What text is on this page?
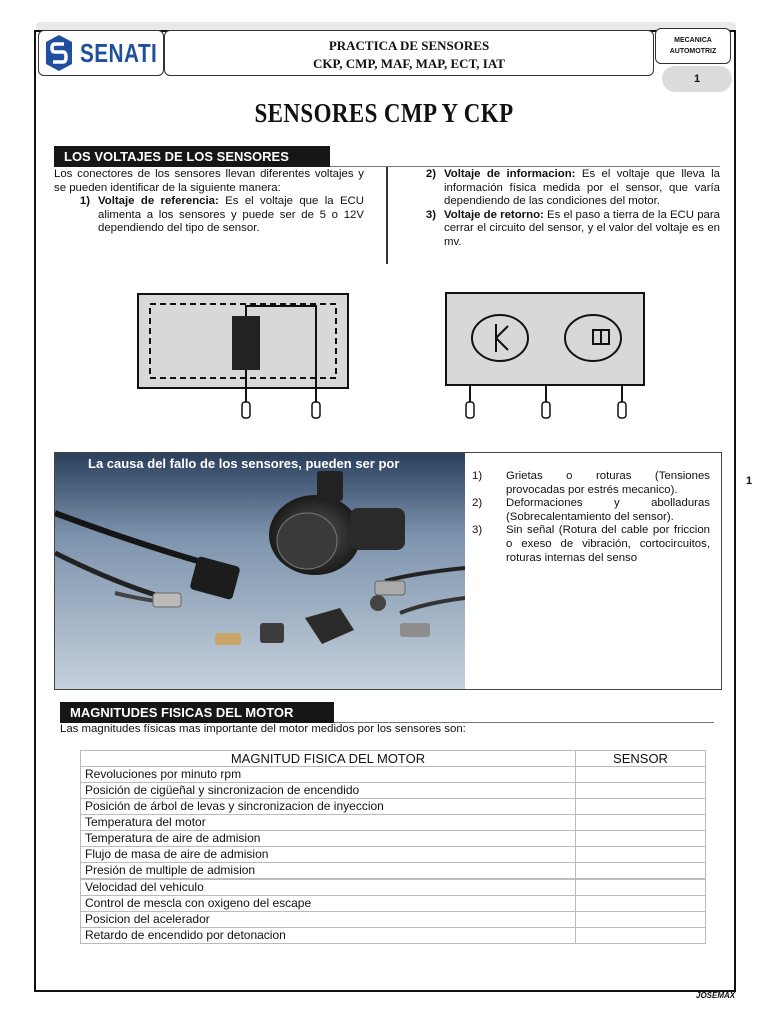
SENATI	PRACTICA DE SENSORES
CKP, CMP, MAF, MAP, ECT, IAT
MECANICA
AUTOMOTRIZ
1
SENSORES CMP Y CKP
LOS VOLTAJES DE LOS SENSORES
Los conectores de los sensores llevan diferentes voltajes y se pueden identificar de la siguiente manera:
1) Voltaje de referencia: Es el voltaje que la ECU alimenta a los sensores y puede ser de 5 o 12V dependiendo del tipo de sensor.
2) Voltaje de informacion: Es el voltaje que lleva la información física medida por el sensor, que varía dependiendo de las condiciones del motor.
3) Voltaje de retorno: Es el paso a tierra de la ECU para cerrar el circuito del sensor, y el valor del voltaje es en mv.
La causa del fallo de los sensores, pueden ser por
1)	Grietas o roturas (Tensiones provocadas por estrés mecanico).
2)	Deformaciones y abolladuras (Sobrecalentamiento del sensor).
3)	Sin señal (Rotura del cable por friccion o exeso de vibración, cortocircuitos, roturas internas del senso
1
MAGNITUDES FISICAS DEL MOTOR
Las magnitudes físicas mas importante del motor medidos por los sensores son:
MAGNITUD FISICA DEL MOTOR	SENSOR
Revoluciones por minuto rpm	
Posición de cigüeñal y sincronizacion de encendido	
Posición de árbol de levas y sincronizacion de inyeccion	
Temperatura del motor	
Temperatura de aire de admision	
Flujo de masa de aire de admision	
Presión de multiple de admision	
Velocidad del vehiculo	
Control de mescla con oxigeno del escape	
Posicion del acelerador	
Retardo de encendido por detonacion	
JOSEMAX
